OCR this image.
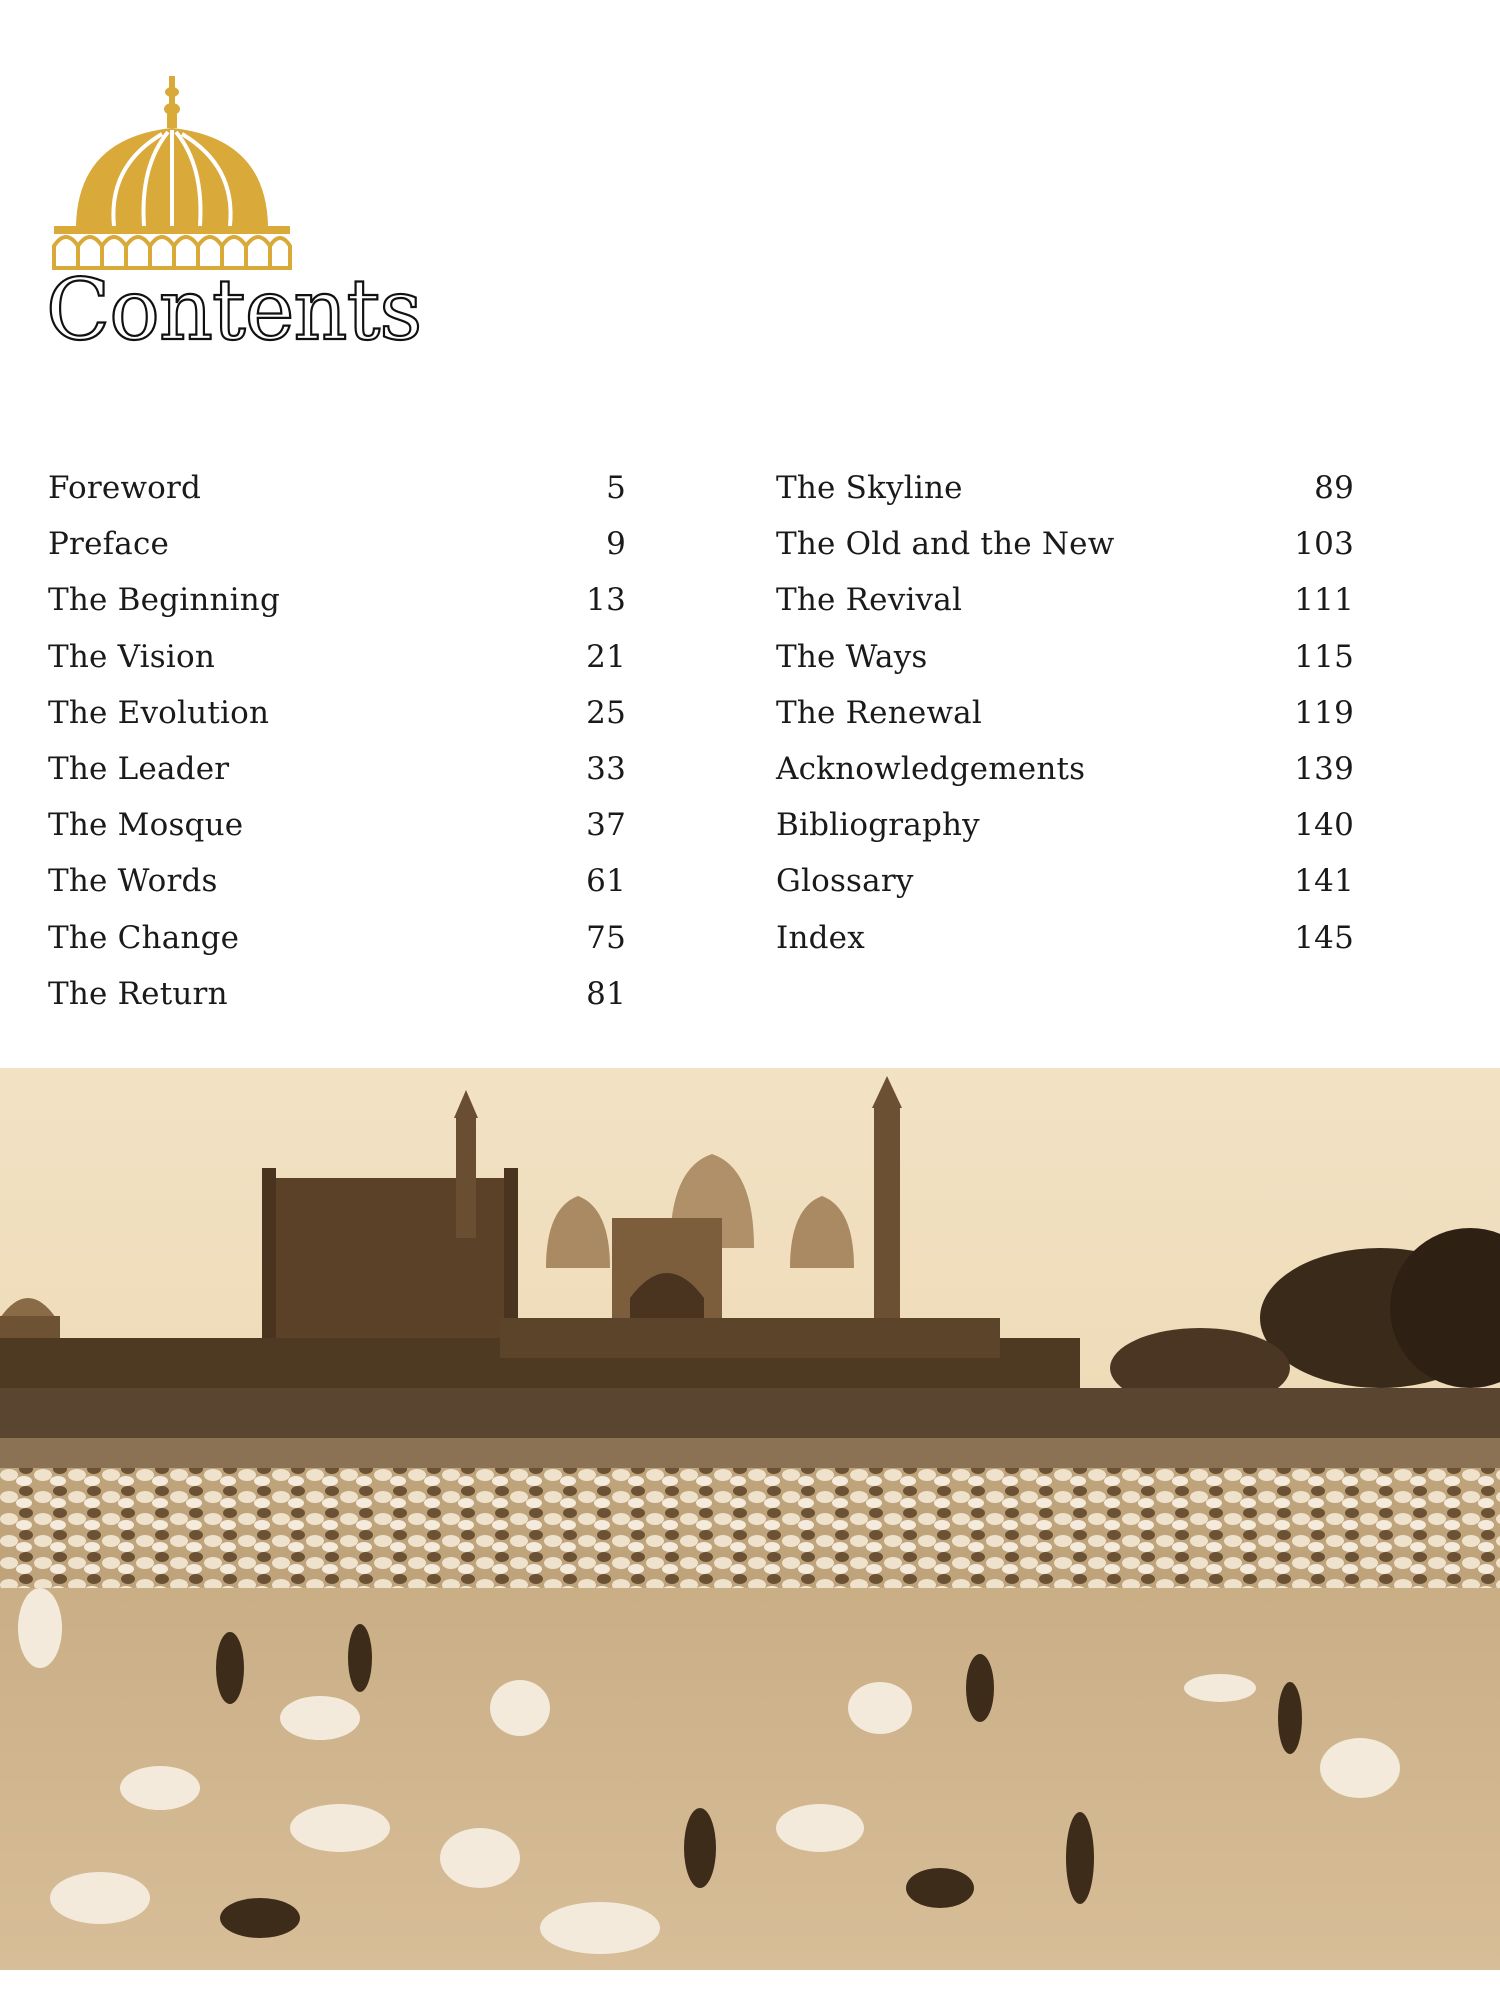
Contents
Foreword	5
Preface	9
The Beginning	13
The Vision	21
The Evolution	25
The Leader	33
The Mosque	37
The Words	61
The Change	75
The Return	81
The Skyline	89
The Old and the New	103
The Revival	111
The Ways	115
The Renewal	119
Acknowledgements	139
Bibliography	140
Glossary	141
Index	145
